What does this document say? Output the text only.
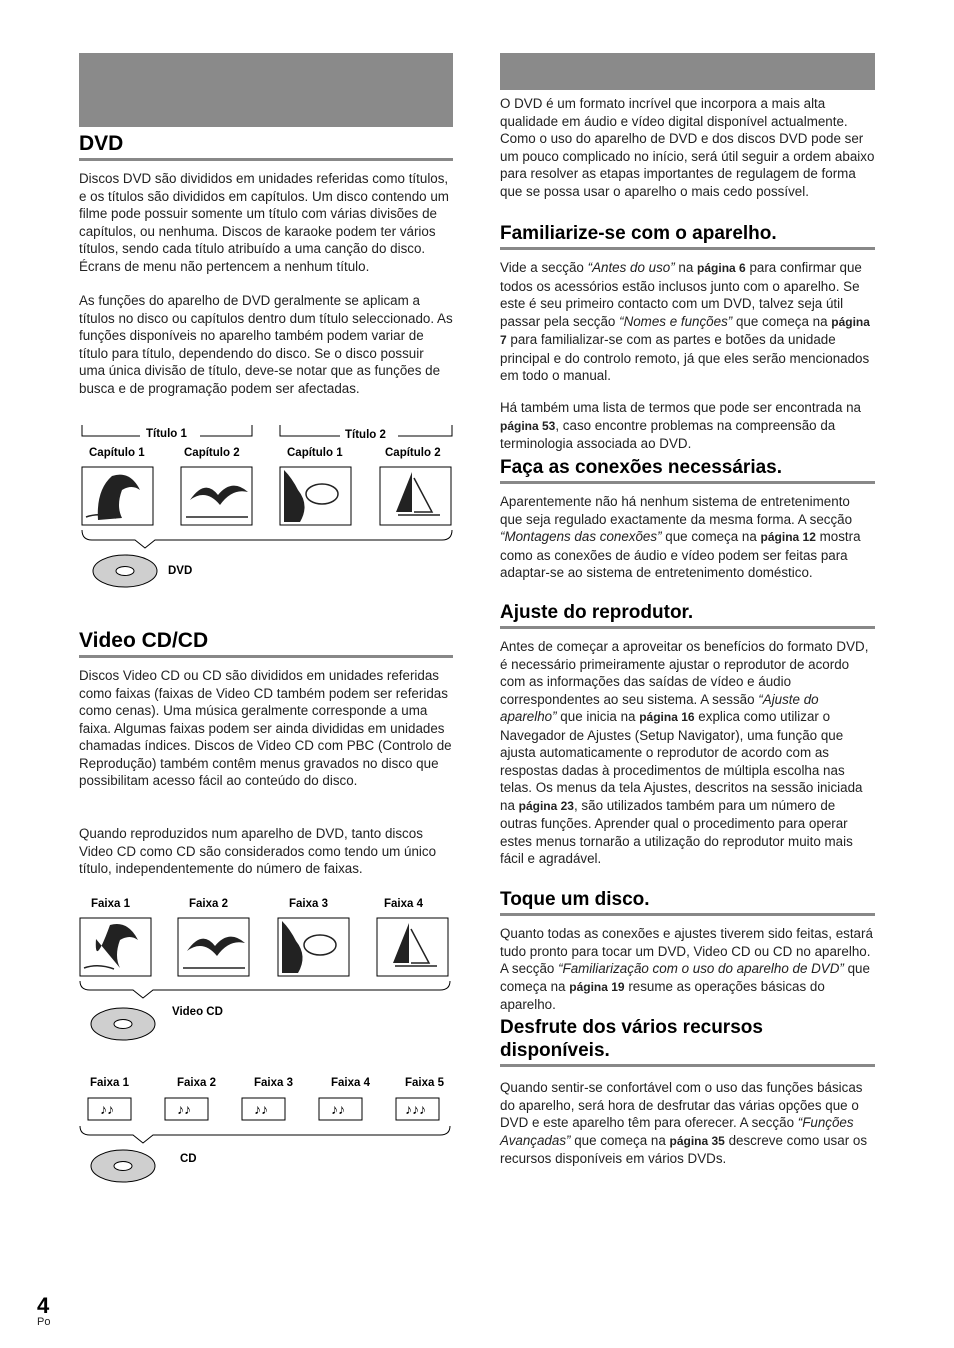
DVD

Discos DVD são divididos em unidades referidas como títulos, e os títulos são divididos em capítulos. Um disco contendo um filme pode possuir somente um título com várias divisões de capítulos, ou nenhuma. Discos de karaoke podem ter vários títulos, sendo cada título atribuído a uma canção do disco. Écrans de menu não pertencem a nenhum título.

As funções do aparelho de DVD geralmente se aplicam a títulos no disco ou capítulos dentro dum título seleccionado. As funções disponíveis no aparelho também podem variar de título para título, dependendo do disco. Se o disco possuir uma única divisão de título, deve-se notar que as funções de busca e de programação podem ser afectadas.

Título 1	Título 2
Capítulo 1	Capítulo 2	Capítulo 1	Capítulo 2
DVD
Video CD/CD

Discos Video CD ou CD são divididos em unidades referidas como faixas (faixas de Video CD também podem ser referidas como cenas). Uma música geralmente corresponde a uma faixa. Algumas faixas podem ser ainda divididas em unidades chamadas índices. Discos de Video CD com PBC (Controlo de Reprodução) também contêm menus gravados no disco que possibilitam acesso fácil ao conteúdo do disco.

Quando reproduzidos num aparelho de DVD, tanto discos Video CD como CD são considerados como tendo um único título, independentemente do número de faixas.

Faixa 1	Faixa 2	Faixa 3	Faixa 4
Video CD
Faixa 1	Faixa 2	Faixa 3	Faixa 4	Faixa 5
♪♪	♪♪	♪♪	♪♪	♪♪♪
CD

O DVD é um formato incrível que incorpora a mais alta qualidade em áudio e vídeo digital disponível actualmente. Como o uso do aparelho de DVD e dos discos DVD pode ser um pouco complicado no início, será útil seguir a ordem abaixo para resolver as etapas importantes de regulagem de forma que se possa usar o aparelho o mais cedo possível.

Familiarize-se com o aparelho.

Vide a secção “Antes do uso” na página 6 para confirmar que todos os acessórios estão inclusos junto com o aparelho. Se este é seu primeiro contacto com um DVD, talvez seja útil passar pela secção “Nomes e funções” que começa na página 7 para familializar-se com as partes e botões da unidade principal e do controlo remoto, já que eles serão mencionados em todo o manual.

Há também uma lista de termos que pode ser encontrada na página 53, caso encontre problemas na compreensão da terminologia associada ao DVD.

Faça as conexões necessárias.

Aparentemente não há nenhum sistema de entretenimento que seja regulado exactamente da mesma forma. A secção “Montagens das conexões” que começa na página 12 mostra como as conexões de áudio e vídeo podem ser feitas para adaptar-se ao sistema de entretenimento doméstico.

Ajuste do reprodutor.

Antes de começar a aproveitar os benefícios do formato DVD, é necessário primeiramente ajustar o reprodutor de acordo com as informações das saídas de vídeo e áudio correspondentes ao seu sistema. A sessão “Ajuste do aparelho” que inicia na página 16 explica como utilizar o Navegador de Ajustes (Setup Navigator), uma função que ajusta automaticamente o reprodutor de acordo com as respostas dadas à procedimentos de múltipla escolha nas telas. Os menus da tela Ajustes, descritos na sessão iniciada na página 23, são utilizados também para um número de outras funções. Aprender qual o procedimento para operar estes menus tornarão a utilização do reprodutor muito mais fácil e agradável.

Toque um disco.

Quanto todas as conexões e ajustes tiverem sido feitas, estará tudo pronto para tocar um DVD, Video CD ou CD no aparelho. A secção “Familiarização com o uso do aparelho de DVD” que começa na página 19 resume as operações básicas do aparelho.

Desfrute dos vários recursos disponíveis.

Quando sentir-se confortável com o uso das funções básicas do aparelho, será hora de desfrutar das várias opções que o DVD e este aparelho têm para oferecer. A secção “Funções Avançadas” que começa na página 35 descreve como usar os recursos disponíveis em vários DVDs.

4
Po
